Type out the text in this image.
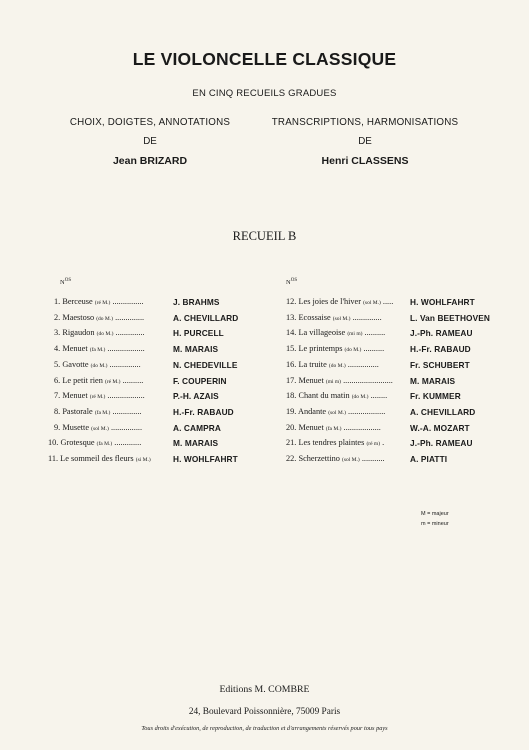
LE VIOLONCELLE CLASSIQUE
EN CINQ RECUEILS GRADUES
CHOIX, DOIGTES, ANNOTATIONS
DE
Jean BRIZARD
TRANSCRIPTIONS, HARMONISATIONS
DE
Henri CLASSENS
RECUEIL B
$N^{OS}$	$N^{OS}$
1. Berceuse (ré M.) ...............	J. BRAHMS
2. Maestoso (do M.) ..............	A. CHEVILLARD
3. Rigaudon (do M.) ..............	H. PURCELL
4. Menuet (fa M.) ..................	M. MARAIS
5. Gavotte (do M.) ...............	N. CHEDEVILLE
6. Le petit rien (ré M.) ..........	F. COUPERIN
7. Menuet (ré M.) ..................	P.-H. AZAIS
8. Pastorale (fa M.) ..............	H.-Fr. RABAUD
9. Musette (sol M.) ...............	A. CAMPRA
10. Grotesque (fa M.) .............	M. MARAIS
11. Le sommeil des fleurs (si M.)	H. WOHLFAHRT
12. Les joies de l'hiver (sol M.) ..... H. WOHLFAHRT
13. Ecossaise (sol M.) ..............	L. Van BEETHOVEN
14. La villageoise (mi m) ..........	J.-Ph. RAMEAU
15. Le printemps (do M.) ..........	H.-Fr. RABAUD
16. La truite (do M.) ...............	Fr. SCHUBERT
17. Menuet (mi m) ........................ M. MARAIS
18. Chant du matin (do M.) ........	Fr. KUMMER
19. Andante (sol M.) ..................	A. CHEVILLARD
20. Menuet (fa M.) ..................	W.-A. MOZART
21. Les tendres plaintes (ré m) .	J.-Ph. RAMEAU
22. Scherzettino (sol M.) ...........	A. PIATTI
M = majeur
m = mineur
Editions M. COMBRE
24, Boulevard Poissonnière, 75009 Paris
Tous droits d'exécution, de reproduction, de traduction et d'arrangements réservés pour tous pays
